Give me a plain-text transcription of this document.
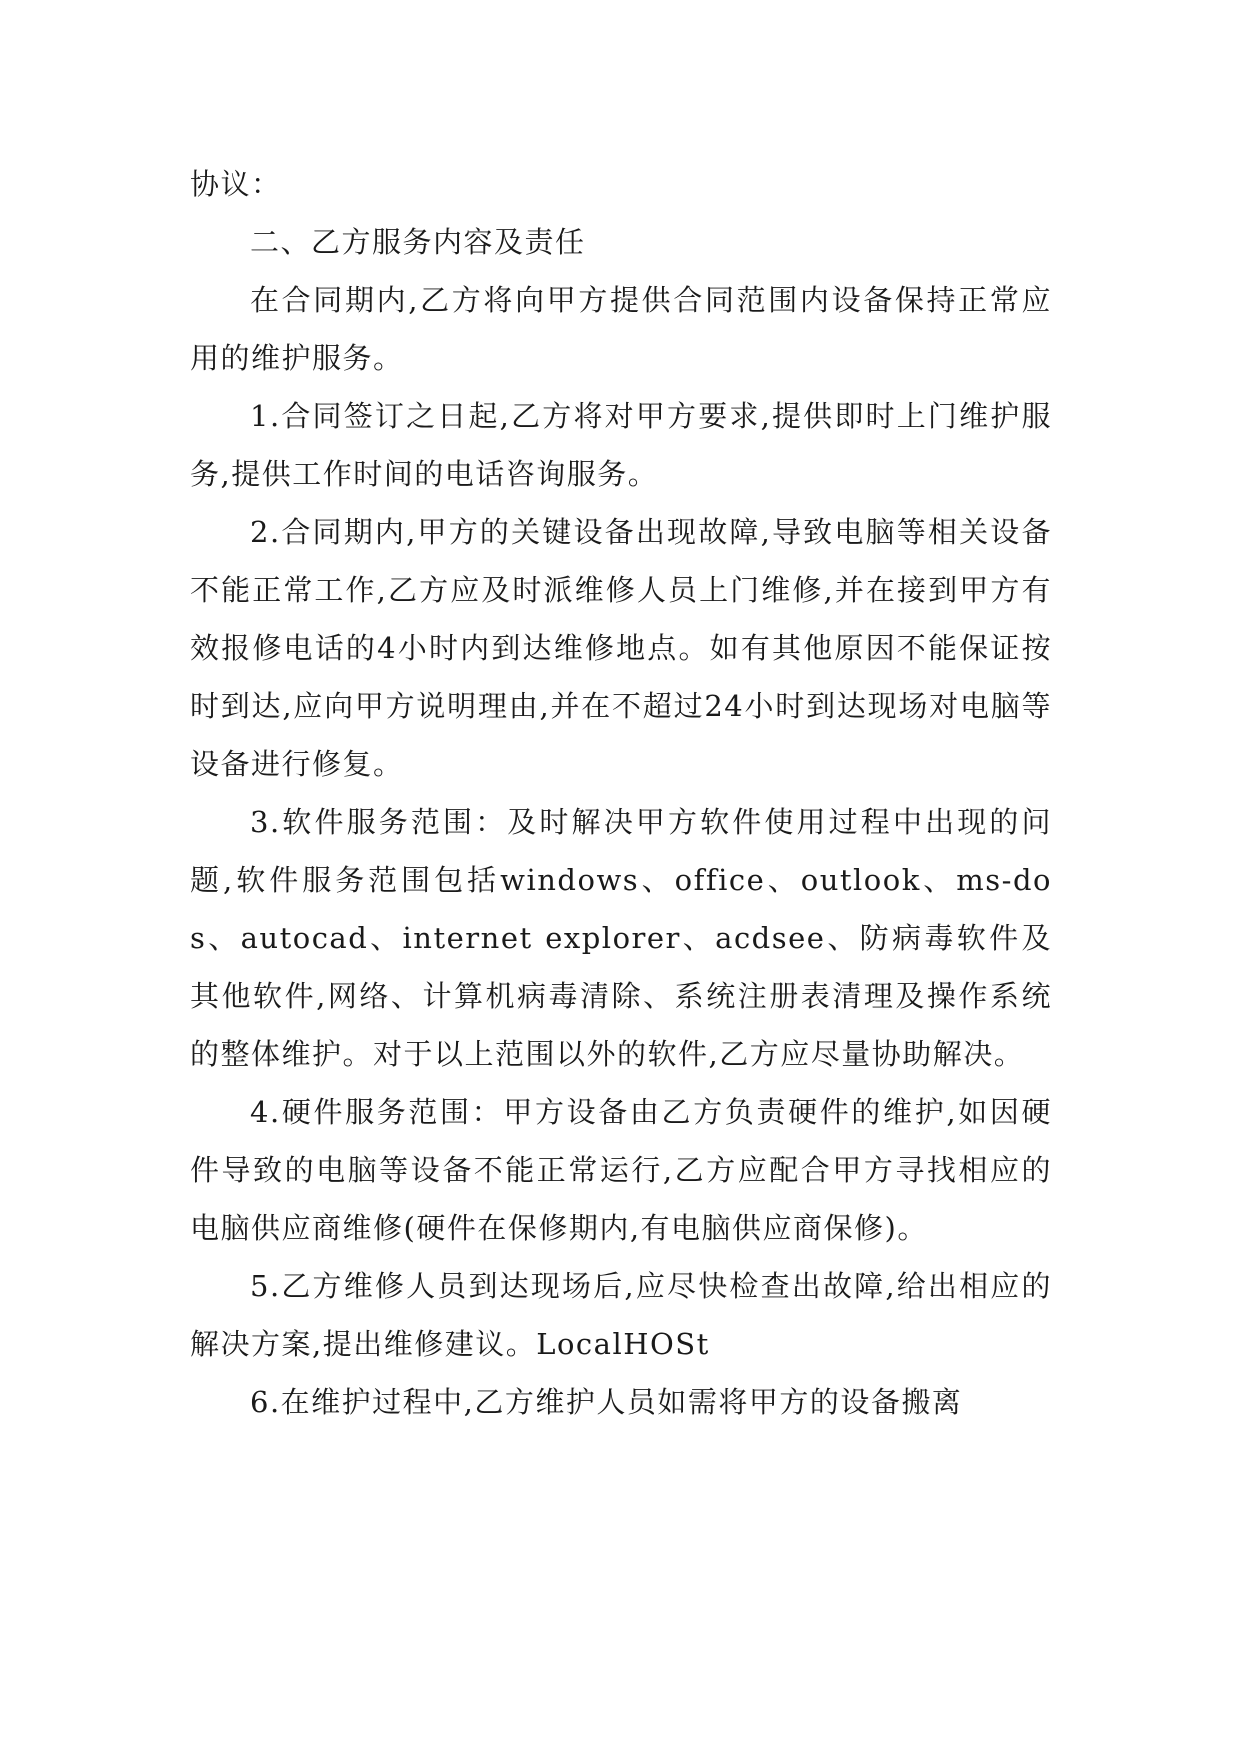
协议：

二、乙方服务内容及责任

在合同期内,乙方将向甲方提供合同范围内设备保持正常应用的维护服务。

1.合同签订之日起,乙方将对甲方要求,提供即时上门维护服务,提供工作时间的电话咨询服务。

2.合同期内,甲方的关键设备出现故障,导致电脑等相关设备不能正常工作,乙方应及时派维修人员上门维修,并在接到甲方有效报修电话的4小时内到达维修地点。如有其他原因不能保证按时到达,应向甲方说明理由,并在不超过24小时到达现场对电脑等设备进行修复。

3.软件服务范围：及时解决甲方软件使用过程中出现的问题,软件服务范围包括windows、office、outlook、ms-dos、autocad、internet explorer、acdsee、防病毒软件及其他软件,网络、计算机病毒清除、系统注册表清理及操作系统的整体维护。对于以上范围以外的软件,乙方应尽量协助解决。

4.硬件服务范围：甲方设备由乙方负责硬件的维护,如因硬件导致的电脑等设备不能正常运行,乙方应配合甲方寻找相应的电脑供应商维修(硬件在保修期内,有电脑供应商保修)。

5.乙方维修人员到达现场后,应尽快检查出故障,给出相应的解决方案,提出维修建议。LocalHOSt

6.在维护过程中,乙方维护人员如需将甲方的设备搬离
